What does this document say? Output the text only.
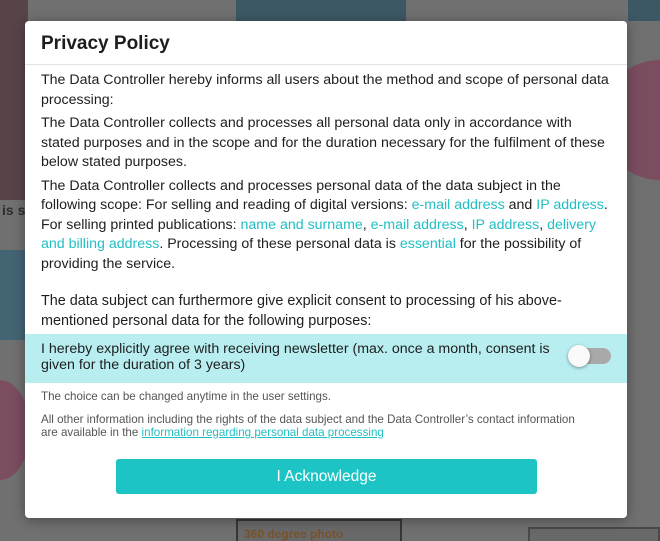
is s
360 degree photo
Privacy Policy

The Data Controller hereby informs all users about the method and scope of personal data processing:

The Data Controller collects and processes all personal data only in accordance with stated purposes and in the scope and for the duration necessary for the fulfilment of these below stated purposes.

The Data Controller collects and processes personal data of the data subject in the following scope: For selling and reading of digital versions: e-mail address and IP address. For selling printed publications: name and surname, e-mail address, IP address, delivery and billing address. Processing of these personal data is essential for the possibility of providing the service.

The data subject can furthermore give explicit consent to processing of his above-mentioned personal data for the following purposes:

I hereby explicitly agree with receiving newsletter (max. once a month, consent is given for the duration of 3 years)
The choice can be changed anytime in the user settings.
All other information including the rights of the data subject and the Data Controller’s contact information are available in the information regarding personal data processing
I Acknowledge
